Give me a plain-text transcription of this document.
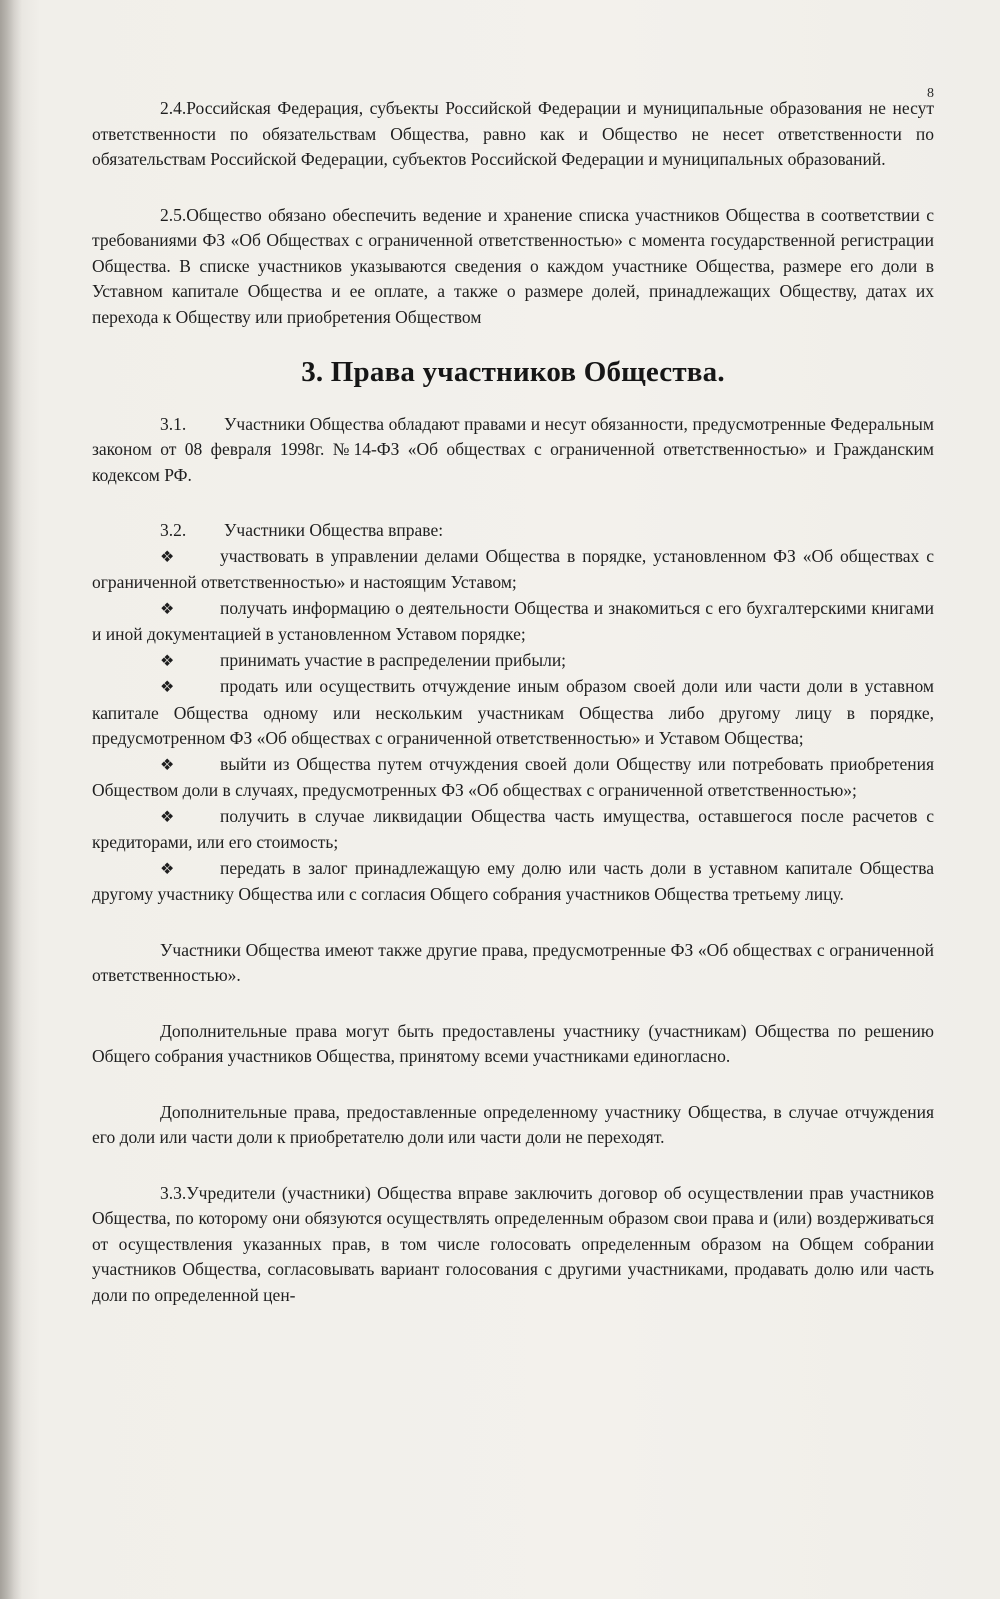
8

2.4.Российская Федерация, субъекты Российской Федерации и муниципальные образования не несут ответственности по обязательствам Общества, равно как и Общество не несет ответственности по обязательствам Российской Федерации, субъектов Российской Федерации и муниципальных образований.

2.5.Общество обязано обеспечить ведение и хранение списка участников Общества в соответствии с требованиями ФЗ «Об Обществах с ограниченной ответственностью» с момента государственной регистрации Общества. В списке участников указываются сведения о каждом участнике Общества, размере его доли в Уставном капитале Общества и ее оплате, а также о размере долей, принадлежащих Обществу, датах их перехода к Обществу или приобретения Обществом

3. Права участников Общества.

3.1. Участники Общества обладают правами и несут обязанности, предусмотренные Федеральным законом от 08 февраля 1998г. №14-ФЗ «Об обществах с ограниченной ответственностью» и Гражданским кодексом РФ.

3.2. Участники Общества вправе:

❖	участвовать в управлении делами Общества в порядке, установленном ФЗ «Об обществах с ограниченной ответственностью» и настоящим Уставом;

❖	получать информацию о деятельности Общества и знакомиться с его бухгалтерскими книгами и иной документацией в установленном Уставом порядке;

❖	принимать участие в распределении прибыли;

❖	продать или осуществить отчуждение иным образом своей доли или части доли в уставном капитале Общества одному или нескольким участникам Общества либо другому лицу в порядке, предусмотренном ФЗ «Об обществах с ограниченной ответственностью» и Уставом Общества;

❖	выйти из Общества путем отчуждения своей доли Обществу или потребовать приобретения Обществом доли в случаях, предусмотренных ФЗ «Об обществах с ограниченной ответственностью»;

❖	получить в случае ликвидации Общества часть имущества, оставшегося после расчетов с кредиторами, или его стоимость;

❖	передать в залог принадлежащую ему долю или часть доли в уставном капитале Общества другому участнику Общества или с согласия Общего собрания участников Общества третьему лицу.

Участники Общества имеют также другие права, предусмотренные ФЗ «Об обществах с ограниченной ответственностью».

Дополнительные права могут быть предоставлены участнику (участникам) Общества по решению Общего собрания участников Общества, принятому всеми участниками единогласно.

Дополнительные права, предоставленные определенному участнику Общества, в случае отчуждения его доли или части доли к приобретателю доли или части доли не переходят.

3.3.Учредители (участники) Общества вправе заключить договор об осуществлении прав участников Общества, по которому они обязуются осуществлять определенным образом свои права и (или) воздерживаться от осуществления указанных прав, в том числе голосовать определенным образом на Общем собрании участников Общества, согласовывать вариант голосования с другими участниками, продавать долю или часть доли по определенной цен-
